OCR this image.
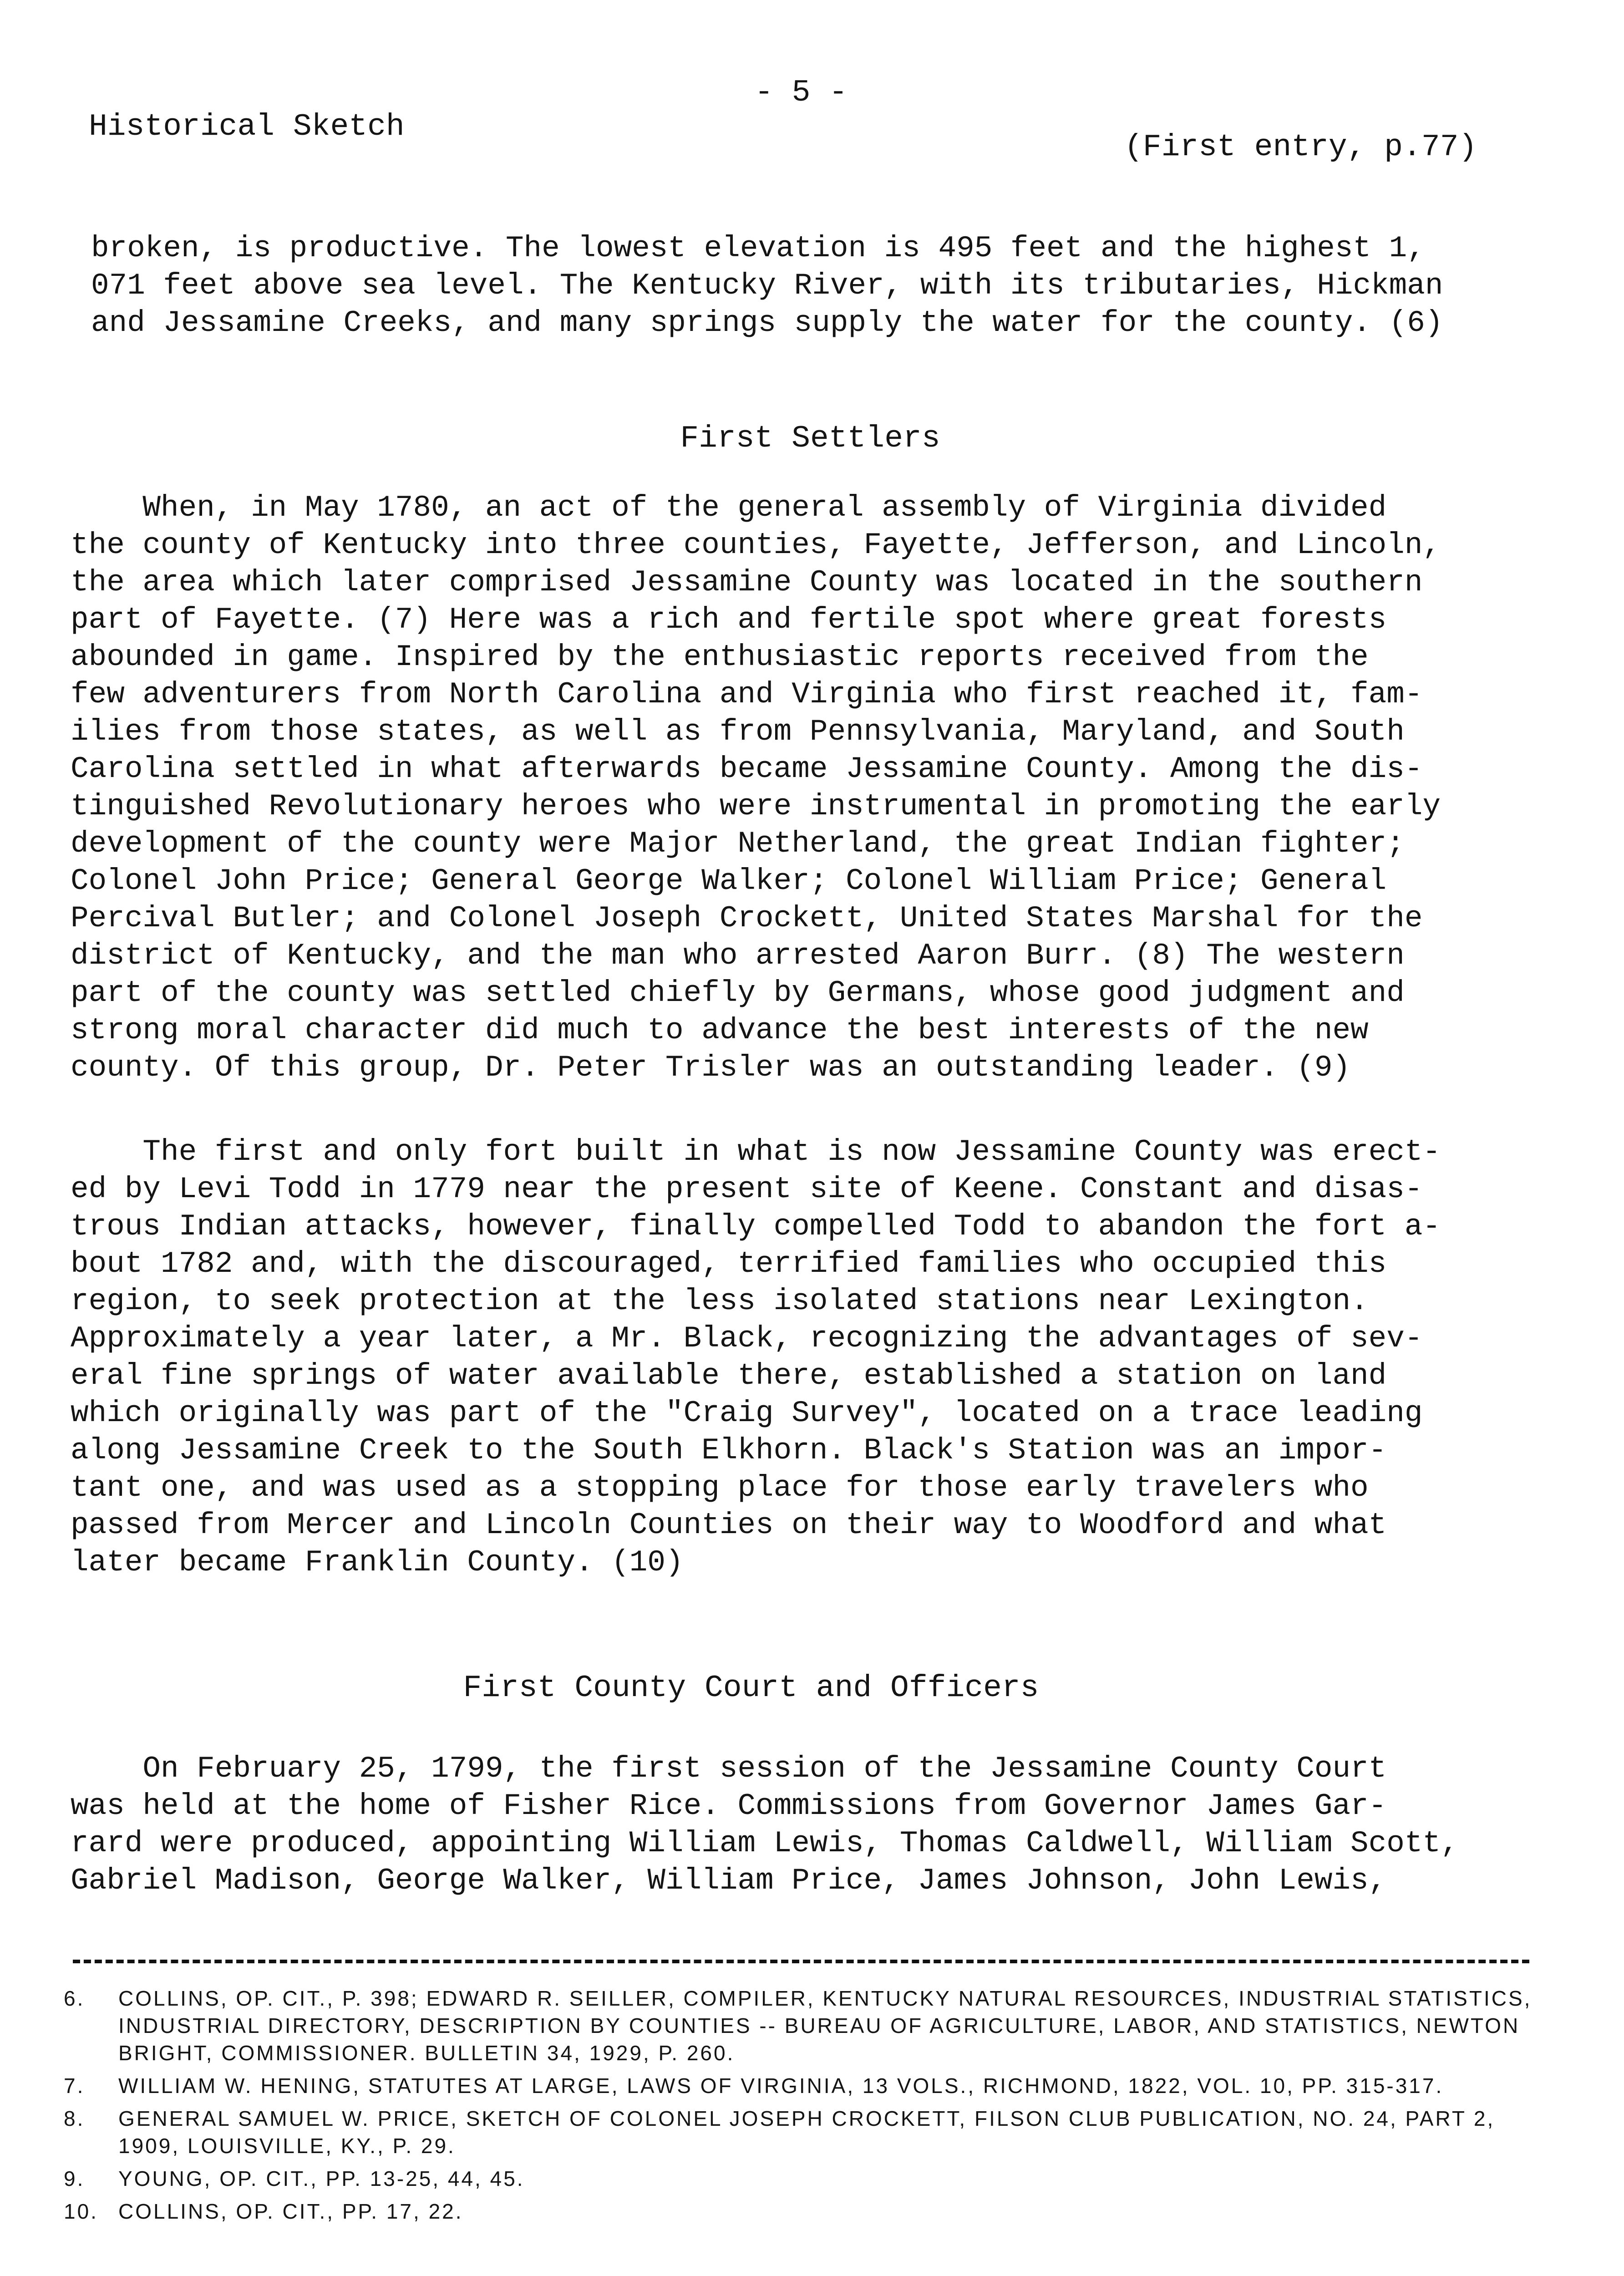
- 5 -
Historical Sketch
(First entry, p.77)
broken, is productive. The lowest elevation is 495 feet and the highest 1,
071 feet above sea level. The Kentucky River, with its tributaries, Hickman
and Jessamine Creeks, and many springs supply the water for the county. (6)
First Settlers
When, in May 1780, an act of the general assembly of Virginia divided
the county of Kentucky into three counties, Fayette, Jefferson, and Lincoln,
the area which later comprised Jessamine County was located in the southern
part of Fayette. (7) Here was a rich and fertile spot where great forests
abounded in game. Inspired by the enthusiastic reports received from the
few adventurers from North Carolina and Virginia who first reached it, fam-
ilies from those states, as well as from Pennsylvania, Maryland, and South
Carolina settled in what afterwards became Jessamine County. Among the dis-
tinguished Revolutionary heroes who were instrumental in promoting the early
development of the county were Major Netherland, the great Indian fighter;
Colonel John Price; General George Walker; Colonel William Price; General
Percival Butler; and Colonel Joseph Crockett, United States Marshal for the
district of Kentucky, and the man who arrested Aaron Burr. (8) The western
part of the county was settled chiefly by Germans, whose good judgment and
strong moral character did much to advance the best interests of the new
county. Of this group, Dr. Peter Trisler was an outstanding leader. (9)
The first and only fort built in what is now Jessamine County was erect-
ed by Levi Todd in 1779 near the present site of Keene. Constant and disas-
trous Indian attacks, however, finally compelled Todd to abandon the fort a-
bout 1782 and, with the discouraged, terrified families who occupied this
region, to seek protection at the less isolated stations near Lexington.
Approximately a year later, a Mr. Black, recognizing the advantages of sev-
eral fine springs of water available there, established a station on land
which originally was part of the "Craig Survey", located on a trace leading
along Jessamine Creek to the South Elkhorn. Black's Station was an impor-
tant one, and was used as a stopping place for those early travelers who
passed from Mercer and Lincoln Counties on their way to Woodford and what
later became Franklin County. (10)
First County Court and Officers
On February 25, 1799, the first session of the Jessamine County Court
was held at the home of Fisher Rice. Commissions from Governor James Gar-
rard were produced, appointing William Lewis, Thomas Caldwell, William Scott,
Gabriel Madison, George Walker, William Price, James Johnson, John Lewis,
6. COLLINS, OP. CIT., P. 398; EDWARD R. SEILLER, COMPILER, KENTUCKY NATURAL RESOURCES, INDUSTRIAL STATISTICS, INDUSTRIAL DIRECTORY, DESCRIPTION BY COUNTIES -- BUREAU OF AGRICULTURE, LABOR, AND STATISTICS, NEWTON BRIGHT, COMMISSIONER. BULLETIN 34, 1929, P. 260.
7. WILLIAM W. HENING, STATUTES AT LARGE, LAWS OF VIRGINIA, 13 VOLS., RICHMOND, 1822, VOL. 10, PP. 315-317.
8. GENERAL SAMUEL W. PRICE, SKETCH OF COLONEL JOSEPH CROCKETT, FILSON CLUB PUBLICATION, NO. 24, PART 2, 1909, LOUISVILLE, KY., P. 29.
9. YOUNG, OP. CIT., PP. 13-25, 44, 45.
10. COLLINS, OP. CIT., PP. 17, 22.
